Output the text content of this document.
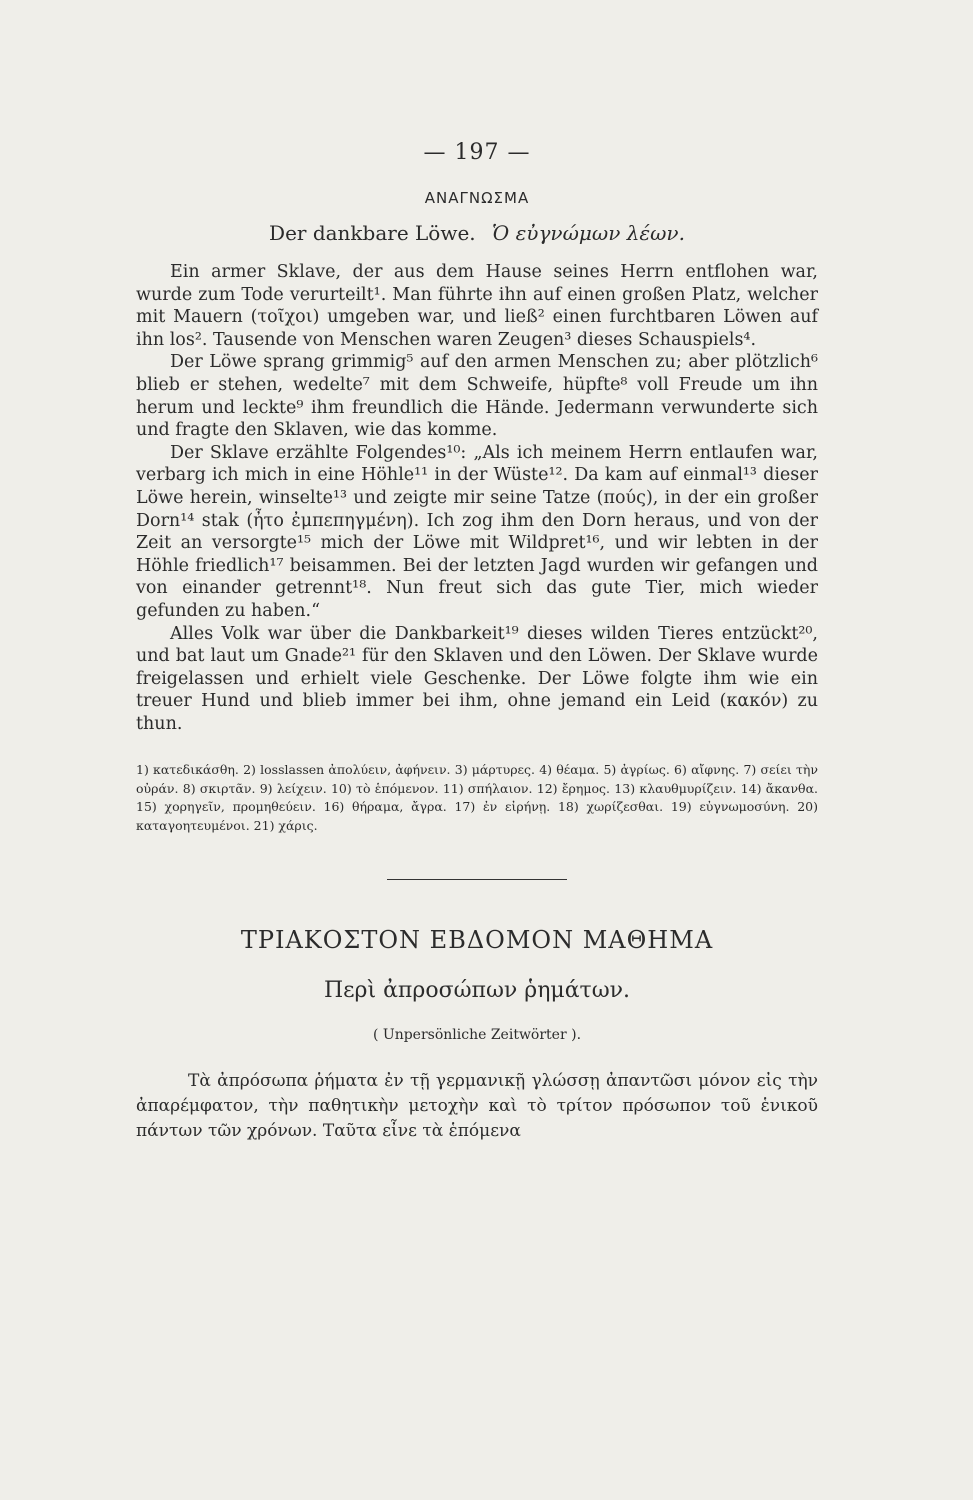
— 197 —
ΑΝΑΓΝΩΣΜΑ
Der dankbare Löwe. Ὁ εὐγνώμων λέων.

Ein armer Sklave, der aus dem Hause seines Herrn entflohen war, wurde zum Tode verurteilt¹. Man führte ihn auf einen großen Platz, welcher mit Mauern (τοῖχοι) umgeben war, und ließ² einen furchtbaren Löwen auf ihn los². Tausende von Menschen waren Zeugen³ dieses Schauspiels⁴.

Der Löwe sprang grimmig⁵ auf den armen Menschen zu; aber plötzlich⁶ blieb er stehen, wedelte⁷ mit dem Schweife, hüpfte⁸ voll Freude um ihn herum und leckte⁹ ihm freundlich die Hände. Jedermann verwunderte sich und fragte den Sklaven, wie das komme.

Der Sklave erzählte Folgendes¹⁰: „Als ich meinem Herrn entlaufen war, verbarg ich mich in eine Höhle¹¹ in der Wüste¹². Da kam auf einmal¹³ dieser Löwe herein, winselte¹³ und zeigte mir seine Tatze (πούς), in der ein großer Dorn¹⁴ stak (ἦτο ἐμπεπηγμένη). Ich zog ihm den Dorn heraus, und von der Zeit an versorgte¹⁵ mich der Löwe mit Wildpret¹⁶, und wir lebten in der Höhle friedlich¹⁷ beisammen. Bei der letzten Jagd wurden wir gefangen und von einander getrennt¹⁸. Nun freut sich das gute Tier, mich wieder gefunden zu haben.“

Alles Volk war über die Dankbarkeit¹⁹ dieses wilden Tieres entzückt²⁰, und bat laut um Gnade²¹ für den Sklaven und den Löwen. Der Sklave wurde freigelassen und erhielt viele Geschenke. Der Löwe folgte ihm wie ein treuer Hund und blieb immer bei ihm, ohne jemand ein Leid (κακόν) zu thun.

1) κατεδικάσθη. 2) losslassen ἀπολύειν, ἀφήνειν. 3) μάρτυρες. 4) θέαμα. 5) ἀγρίως. 6) αἴφνης. 7) σείει τὴν οὐράν. 8) σκιρτᾶν. 9) λείχειν. 10) τὸ ἑπόμενον. 11) σπήλαιον. 12) ἔρημος. 13) κλαυθμυρίζειν. 14) ἄκανθα. 15) χορηγεῖν, προμηθεύειν. 16) θήραμα, ἄγρα. 17) ἐν εἰρήνῃ. 18) χωρίζεσθαι. 19) εὐγνωμοσύνη. 20) καταγοητευμένοι. 21) χάρις.
ΤΡΙΑΚΟΣΤΟΝ ΕΒΔΟΜΟΝ ΜΑΘΗΜΑ
Περὶ ἀπροσώπων ῥημάτων.
( Unpersönliche Zeitwörter ).
Τὰ ἀπρόσωπα ῥήματα ἐν τῇ γερμανικῇ γλώσσῃ ἀπαντῶσι μόνον εἰς τὴν ἀπαρέμφατον, τὴν παθητικὴν μετοχὴν καὶ τὸ τρίτον πρόσωπον τοῦ ἑνικοῦ πάντων τῶν χρόνων. Ταῦτα εἶνε τὰ ἑπόμενα
